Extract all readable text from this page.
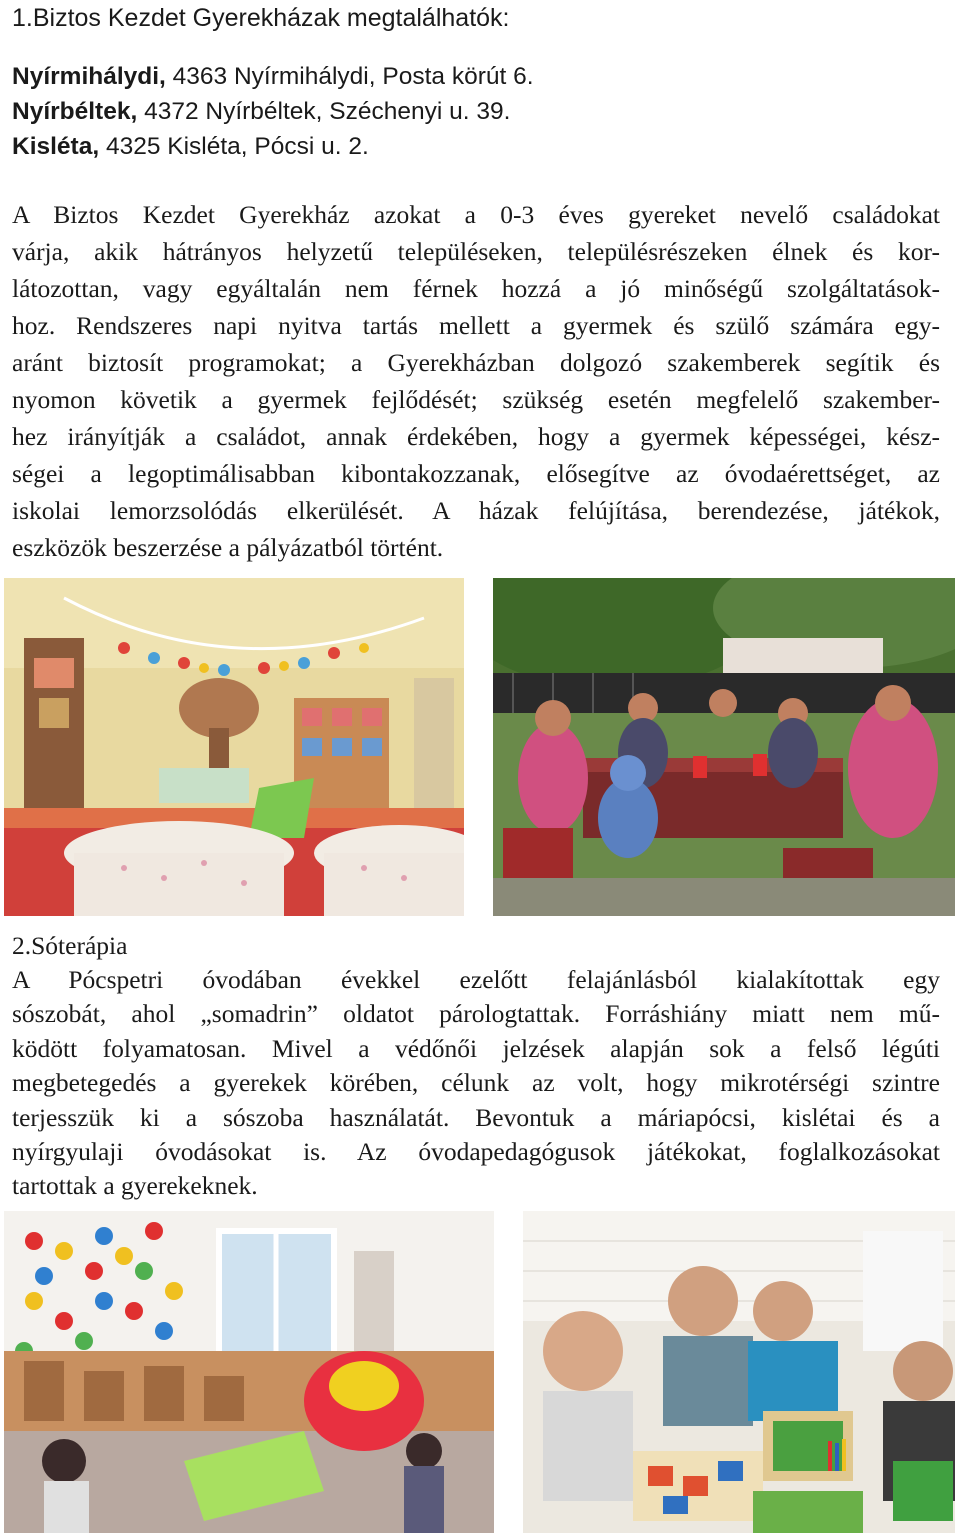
1.Biztos Kezdet Gyerekházak megtalálhatók:
Nyírmihálydi, 4363 Nyírmihálydi, Posta körút 6.
Nyírbéltek, 4372 Nyírbéltek, Széchenyi u. 39.
Kisléta, 4325 Kisléta, Pócsi u. 2.
A Biztos Kezdet Gyerekház azokat a 0-3 éves gyereket nevelő családokat
várja, akik hátrányos helyzetű településeken, településrészeken élnek és kor-
látozottan, vagy egyáltalán nem férnek hozzá a jó minőségű szolgáltatások-
hoz. Rendszeres napi nyitva tartás mellett a gyermek és szülő számára egy-
aránt biztosít programokat; a Gyerekházban dolgozó szakemberek segítik és
nyomon követik a gyermek fejlődését; szükség esetén megfelelő szakember-
hez irányítják a családot, annak érdekében, hogy a gyermek képességei, kész-
ségei a legoptimálisabban kibontakozzanak, elősegítve az óvodaérettséget, az
iskolai lemorzsolódás elkerülését. A házak felújítása, berendezése, játékok,
eszközök beszerzése a pályázatból történt.
2.Sóterápia
A Pócspetri óvodában évekkel ezelőtt felajánlásból kialakítottak egy
sószobát, ahol „somadrin” oldatot párologtattak. Forráshiány miatt nem mű-
ködött folyamatosan. Mivel a védőnői jelzések alapján sok a felső légúti
megbetegedés a gyerekek körében, célunk az volt, hogy mikrotérségi szintre
terjesszük ki a sószoba használatát. Bevontuk a máriapócsi, kislétai és a
nyírgyulaji óvodásokat is. Az óvodapedagógusok játékokat, foglalkozásokat
tartottak a gyerekeknek.
